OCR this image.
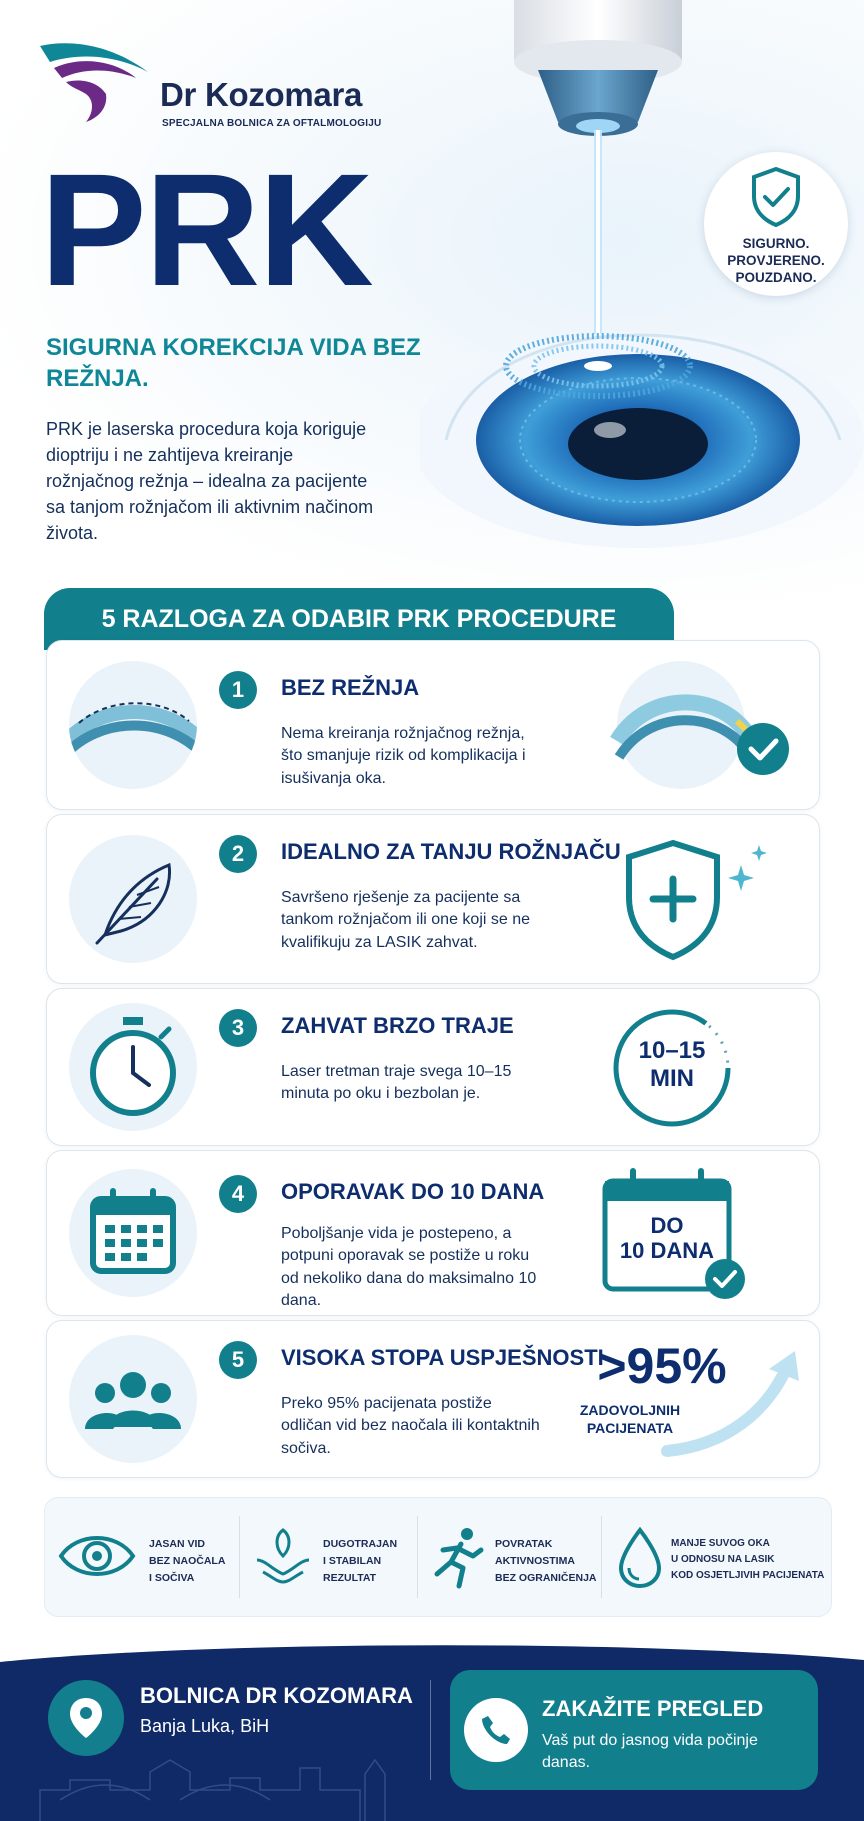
Dr Kozomara
SPECJALNA BOLNICA ZA OFTALMOLOGIJU
PRK
SIGURNA KOREKCIJA VIDA BEZ REŽNJA.
PRK je laserska procedura koja koriguje dioptriju i ne zahtijeva kreiranje rožnjačnog režnja – idealna za pacijente sa tanjom rožnjačom ili aktivnim načinom života.
SIGURNO.
PROVJERENO.
POUZDANO.
5 RAZLOGA ZA ODABIR PRK PROCEDURE
1	BEZ REŽNJA
Nema kreiranja rožnjačnog režnja, što smanjuje rizik od komplikacija i isušivanja oka.
2	IDEALNO ZA TANJU ROŽNJAČU
Savršeno rješenje za pacijente sa tankom rožnjačom ili one koji se ne kvalifikuju za LASIK zahvat.
3	ZAHVAT BRZO TRAJE
Laser tretman traje svega 10–15 minuta po oku i bezbolan je.
10–15
MIN
4	OPORAVAK DO 10 DANA
Poboljšanje vida je postepeno, a potpuni oporavak se postiže u roku od nekoliko dana do maksimalno 10 dana.
DO
10 DANA
5	VISOKA STOPA USPJEŠNOSTI
Preko 95% pacijenata postiže odličan vid bez naočala ili kontaktnih sočiva.
>95%
ZADOVOLJNIH PACIJENATA
JASAN VID
BEZ NAOČALA
I SOČIVA
DUGOTRAJAN
I STABILAN
REZULTAT
POVRATAK
AKTIVNOSTIMA
BEZ OGRANIČENJA
MANJE SUVOG OKA
U ODNOSU NA LASIK
KOD OSJETLJIVIH PACIJENATA
BOLNICA DR KOZOMARA
Banja Luka, BiH
ZAKAŽITE PREGLED
Vaš put do jasnog vida počinje danas.
